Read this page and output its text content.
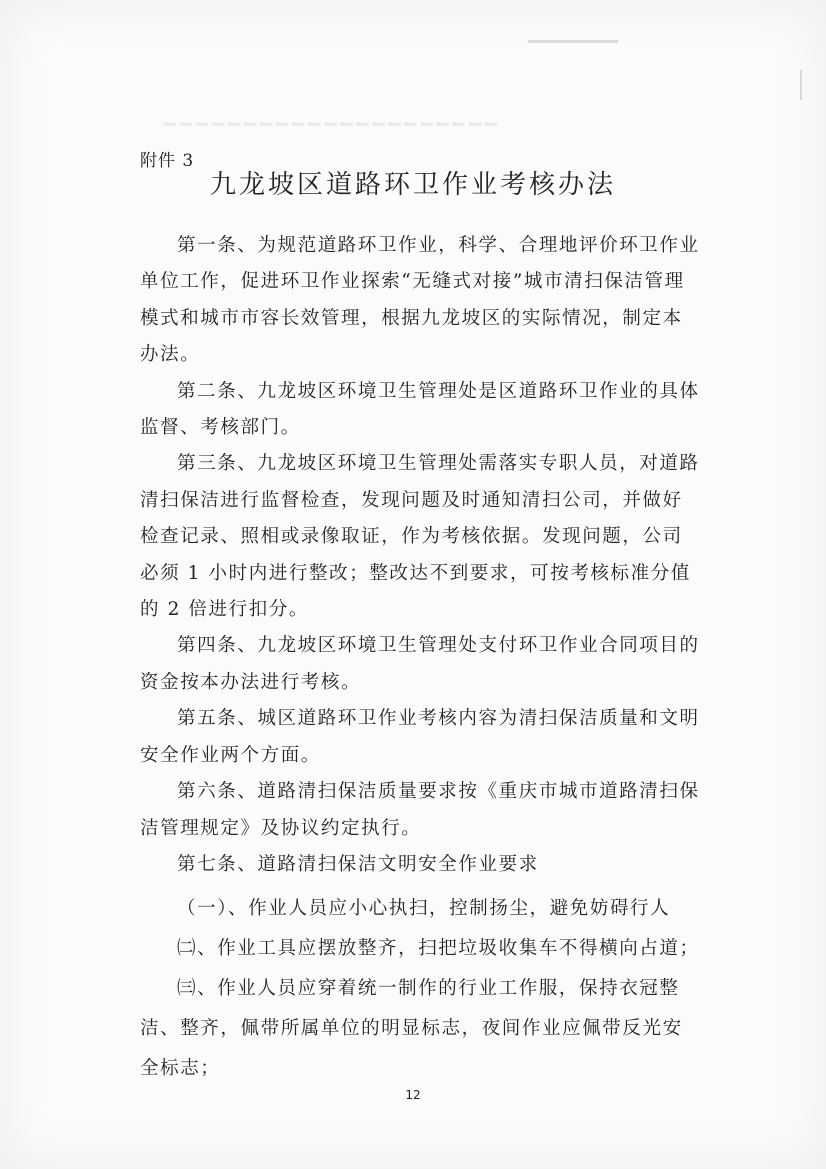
━━━━━━━━━━━━━━━━━━━━━
附件 3
九龙坡区道路环卫作业考核办法

第一条、为规范道路环卫作业，科学、合理地评价环卫作业单位工作，促进环卫作业探索“无缝式对接”城市清扫保洁管理模式和城市市容长效管理，根据九龙坡区的实际情况，制定本办法。

第二条、九龙坡区环境卫生管理处是区道路环卫作业的具体监督、考核部门。

第三条、九龙坡区环境卫生管理处需落实专职人员，对道路清扫保洁进行监督检查，发现问题及时通知清扫公司，并做好检查记录、照相或录像取证，作为考核依据。发现问题，公司必须 1 小时内进行整改；整改达不到要求，可按考核标准分值的 2 倍进行扣分。

第四条、九龙坡区环境卫生管理处支付环卫作业合同项目的资金按本办法进行考核。

第五条、城区道路环卫作业考核内容为清扫保洁质量和文明安全作业两个方面。

第六条、道路清扫保洁质量要求按《重庆市城市道路清扫保洁管理规定》及协议约定执行。

第七条、道路清扫保洁文明安全作业要求

（一）、作业人员应小心执扫，控制扬尘，避免妨碍行人

㈡、作业工具应摆放整齐，扫把垃圾收集车不得横向占道；

㈢、作业人员应穿着统一制作的行业工作服，保持衣冠整洁、整齐，佩带所属单位的明显标志，夜间作业应佩带反光安全标志；

12
